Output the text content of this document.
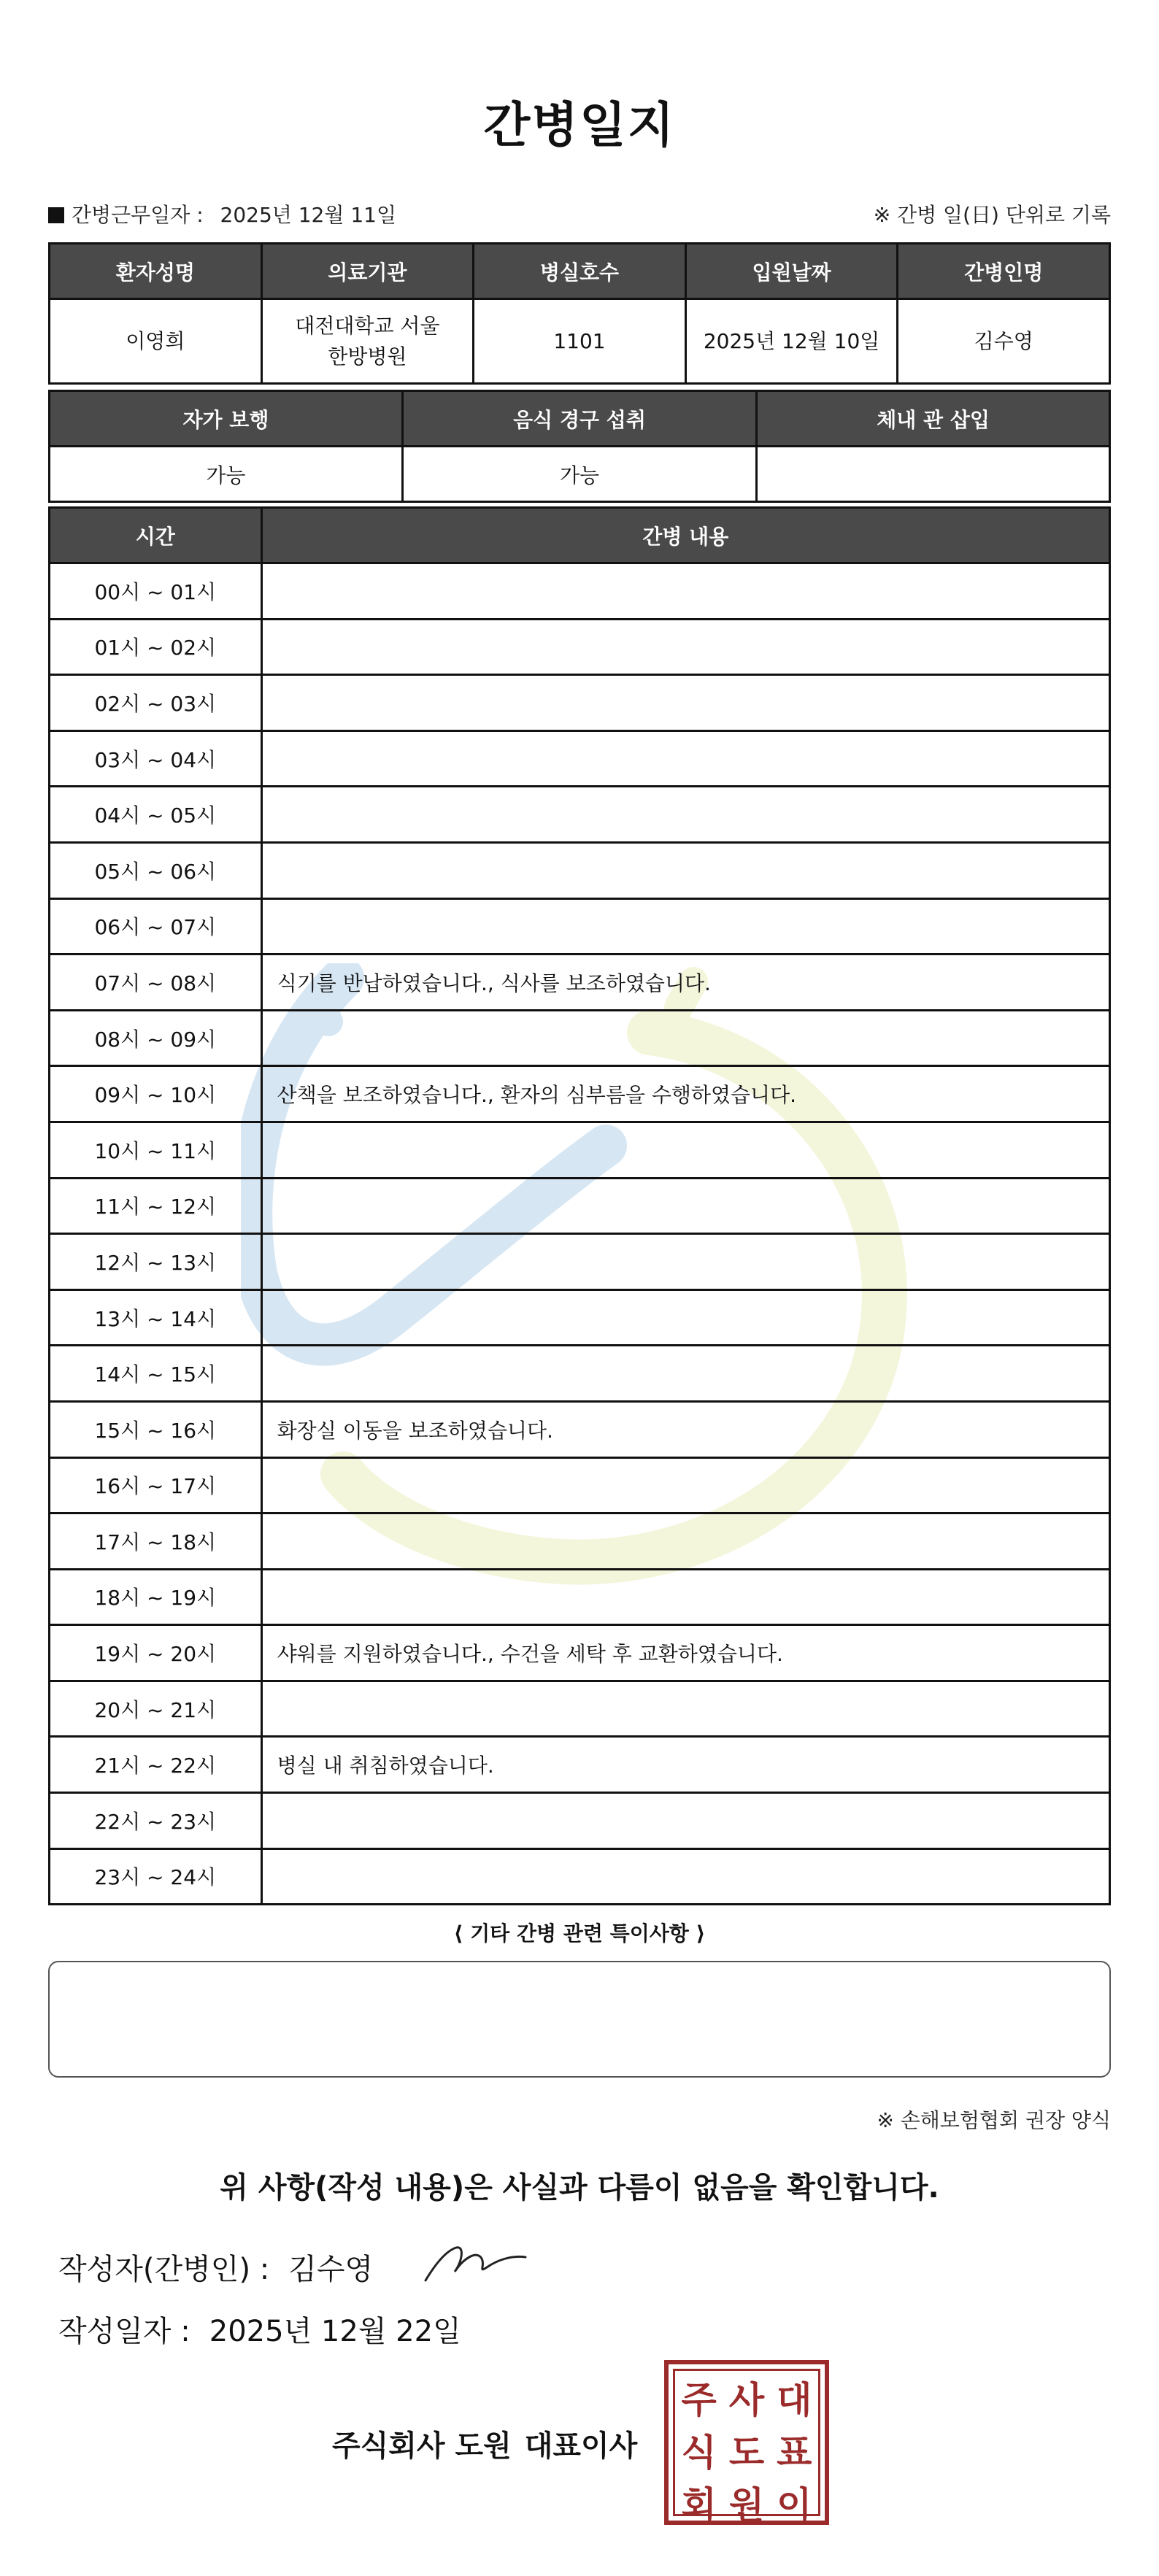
간병일지
간병근무일자 : 2025년 12월 11일	※ 간병 일(日) 단위로 기록
환자성명	의료기관	병실호수	입원날짜	간병인명
이영희	대전대학교 서울한방병원	1101	2025년 12월 10일	김수영
자가 보행	음식 경구 섭취	체내 관 삽입
가능	가능	
시간	간병 내용
00시 ~ 01시	
01시 ~ 02시	
02시 ~ 03시	
03시 ~ 04시	
04시 ~ 05시	
05시 ~ 06시	
06시 ~ 07시	
07시 ~ 08시	식기를 반납하였습니다., 식사를 보조하였습니다.
08시 ~ 09시	
09시 ~ 10시	산책을 보조하였습니다., 환자의 심부름을 수행하였습니다.
10시 ~ 11시	
11시 ~ 12시	
12시 ~ 13시	
13시 ~ 14시	
14시 ~ 15시	
15시 ~ 16시	화장실 이동을 보조하였습니다.
16시 ~ 17시	
17시 ~ 18시	
18시 ~ 19시	
19시 ~ 20시	샤워를 지원하였습니다., 수건을 세탁 후 교환하였습니다.
20시 ~ 21시	
21시 ~ 22시	병실 내 취침하였습니다.
22시 ~ 23시	
23시 ~ 24시	
⟨ 기타 간병 관련 특이사항 ⟩
※ 손해보험협회 권장 양식
위 사항(작성 내용)은 사실과 다름이 없음을 확인합니다.
작성자(간병인) : 김수영
작성일자 : 2025년 12월 22일
주식회사 도원 대표이사
주 사 대
식 도 표
회 원 이
